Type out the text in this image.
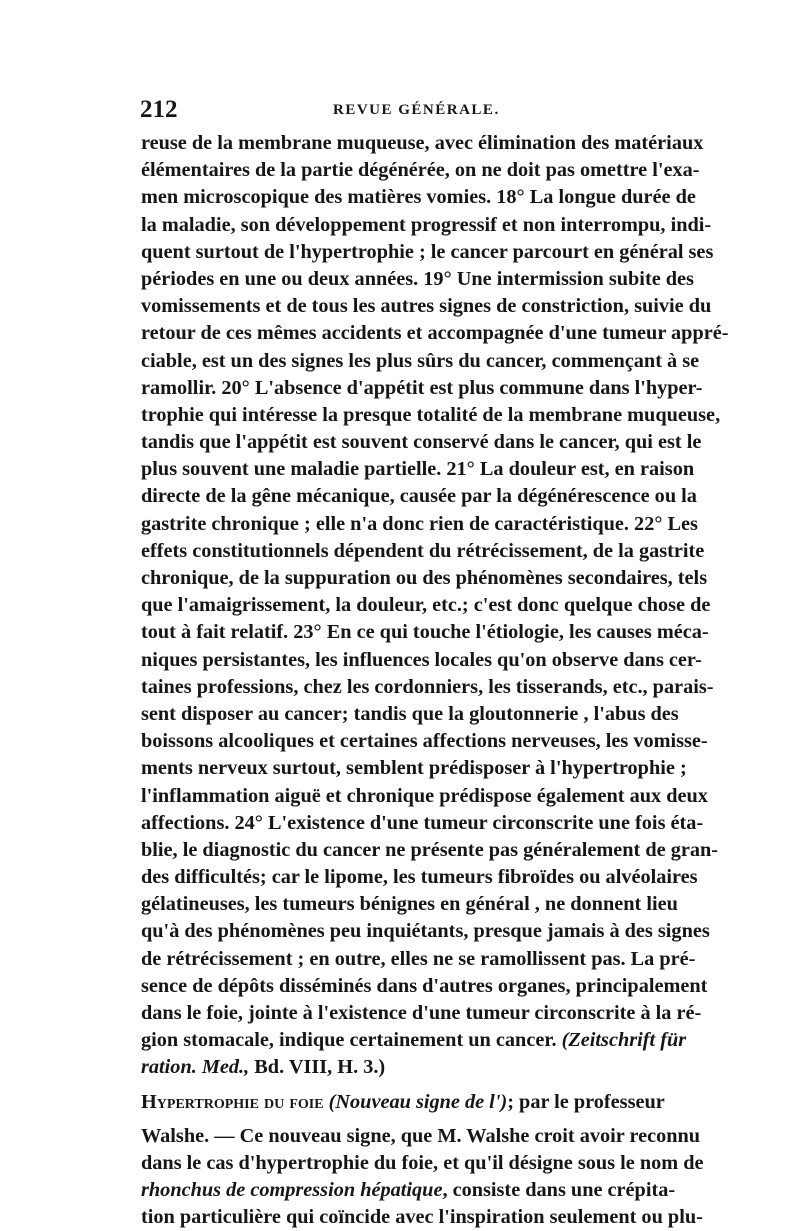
212	REVUE GÉNÉRALE.
reuse de la membrane muqueuse, avec élimination des matériaux
élémentaires de la partie dégénérée, on ne doit pas omettre l'exa-
men microscopique des matières vomies. 18° La longue durée de
la maladie, son développement progressif et non interrompu, indi-
quent surtout de l'hypertrophie ; le cancer parcourt en général ses
périodes en une ou deux années. 19° Une intermission subite des
vomissements et de tous les autres signes de constriction, suivie du
retour de ces mêmes accidents et accompagnée d'une tumeur appré-
ciable, est un des signes les plus sûrs du cancer, commençant à se
ramollir. 20° L'absence d'appétit est plus commune dans l'hyper-
trophie qui intéresse la presque totalité de la membrane muqueuse,
tandis que l'appétit est souvent conservé dans le cancer, qui est le
plus souvent une maladie partielle. 21° La douleur est, en raison
directe de la gêne mécanique, causée par la dégénérescence ou la
gastrite chronique ; elle n'a donc rien de caractéristique. 22° Les
effets constitutionnels dépendent du rétrécissement, de la gastrite
chronique, de la suppuration ou des phénomènes secondaires, tels
que l'amaigrissement, la douleur, etc.; c'est donc quelque chose de
tout à fait relatif. 23° En ce qui touche l'étiologie, les causes méca-
niques persistantes, les influences locales qu'on observe dans cer-
taines professions, chez les cordonniers, les tisserands, etc., parais-
sent disposer au cancer; tandis que la gloutonnerie , l'abus des
boissons alcooliques et certaines affections nerveuses, les vomisse-
ments nerveux surtout, semblent prédisposer à l'hypertrophie ;
l'inflammation aiguë et chronique prédispose également aux deux
affections. 24° L'existence d'une tumeur circonscrite une fois éta-
blie, le diagnostic du cancer ne présente pas généralement de gran-
des difficultés; car le lipome, les tumeurs fibroïdes ou alvéolaires
gélatineuses, les tumeurs bénignes en général , ne donnent lieu
qu'à des phénomènes peu inquiétants, presque jamais à des signes
de rétrécissement ; en outre, elles ne se ramollissent pas. La pré-
sence de dépôts disséminés dans d'autres organes, principalement
dans le foie, jointe à l'existence d'une tumeur circonscrite à la ré-
gion stomacale, indique certainement un cancer. (Zeitschrift für
ration. Med., Bd. VIII, H. 3.)
Hypertrophie du foie (Nouveau signe de l'); par le professeur
Walshe. — Ce nouveau signe, que M. Walshe croit avoir reconnu
dans le cas d'hypertrophie du foie, et qu'il désigne sous le nom de
rhonchus de compression hépatique, consiste dans une crépita-
tion particulière qui coïncide avec l'inspiration seulement ou plu-
